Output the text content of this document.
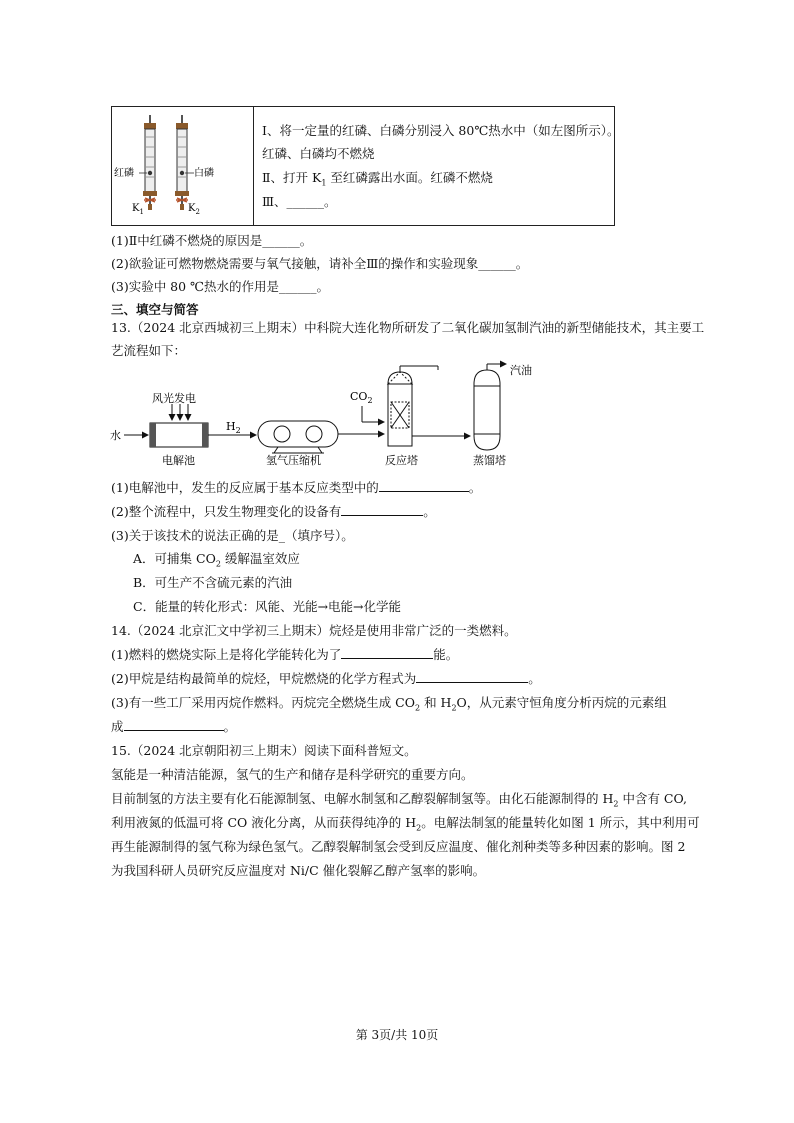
红磷	白磷
$K_1$	$K_2$
Ⅰ、将一定量的红磷、白磷分别浸入 80℃热水中（如左图所示）。
红磷、白磷均不燃烧
Ⅱ、打开 $K_1$ 至红磷露出水面。红磷不燃烧
Ⅲ、______。
(1)Ⅱ中红磷不燃烧的原因是______。
(2)欲验证可燃物燃烧需要与氧气接触，请补全Ⅲ的操作和实验现象______。
(3)实验中 80 ℃热水的作用是______。
三、填空与简答
13.（2024 北京西城初三上期末）中科院大连化物所研发了二氧化碳加氢制汽油的新型储能技术，其主要工
艺流程如下：
风光发电
水
电解池
$H_2$
氢气压缩机
$CO_2$
反应塔
汽油
蒸馏塔
(1)电解池中，发生的反应属于基本反应类型中的	。
(2)整个流程中，只发生物理变化的设备有	。
(3)关于该技术的说法正确的是_（填序号）。
A．可捕集 $CO_2$ 缓解温室效应
B．可生产不含硫元素的汽油
C．能量的转化形式：风能、光能→电能→化学能
14.（2024 北京汇文中学初三上期末）烷烃是使用非常广泛的一类燃料。
(1)燃料的燃烧实际上是将化学能转化为了	能。
(2)甲烷是结构最简单的烷烃，甲烷燃烧的化学方程式为	。
(3)有一些工厂采用丙烷作燃料。丙烷完全燃烧生成 $CO_2$ 和 $H_2O$，从元素守恒角度分析丙烷的元素组
成	。
15.（2024 北京朝阳初三上期末）阅读下面科普短文。
氢能是一种清洁能源，氢气的生产和储存是科学研究的重要方向。
目前制氢的方法主要有化石能源制氢、电解水制氢和乙醇裂解制氢等。由化石能源制得的 $H_2$ 中含有 CO,
利用液氮的低温可将 CO 液化分离，从而获得纯净的 $H_2$。电解法制氢的能量转化如图 1 所示，其中利用可
再生能源制得的氢气称为绿色氢气。乙醇裂解制氢会受到反应温度、催化剂种类等多种因素的影响。图 2
为我国科研人员研究反应温度对 Ni/C 催化裂解乙醇产氢率的影响。
第 3页/共 10页
